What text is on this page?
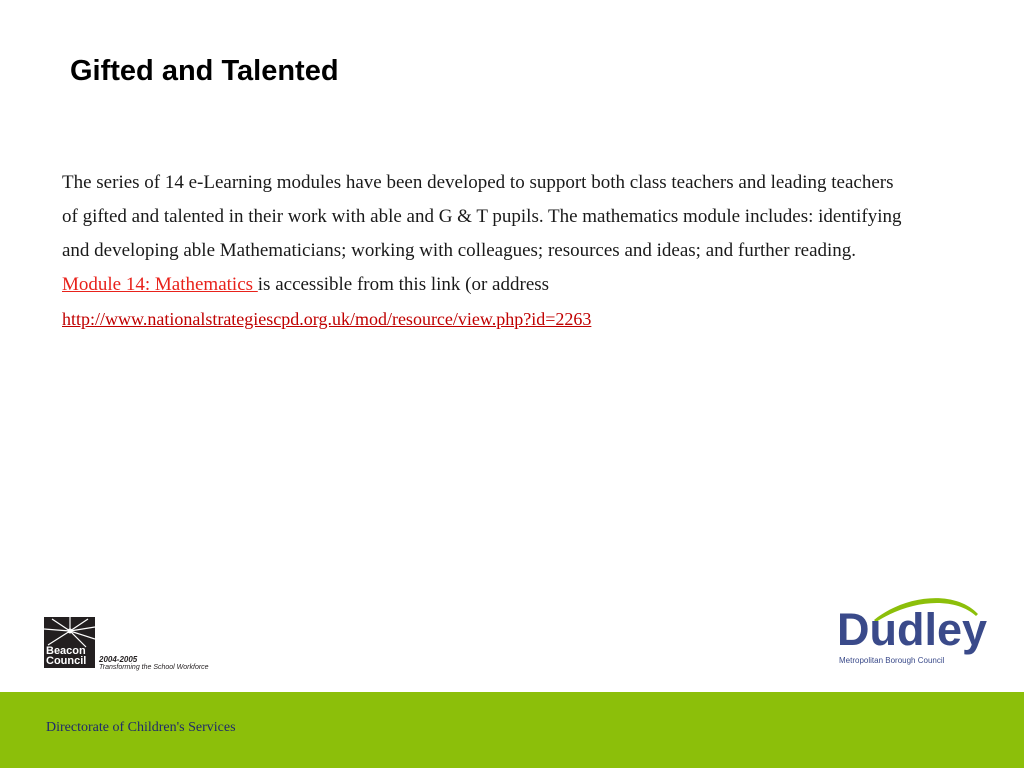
Gifted and Talented

The series of 14 e-Learning modules have been developed to support both class teachers and leading teachers of gifted and talented in their work with able and G & T pupils. The mathematics module includes: identifying and developing able Mathematicians; working with colleagues; resources and ideas; and further reading. Module 14: Mathematics is accessible from this link (or address
http://www.nationalstrategiescpd.org.uk/mod/resource/view.php?id=2263

Beacon
Council 2004-2005
Transforming the School Workforce
Dudley
Metropolitan Borough Council
Directorate of Children's Services
